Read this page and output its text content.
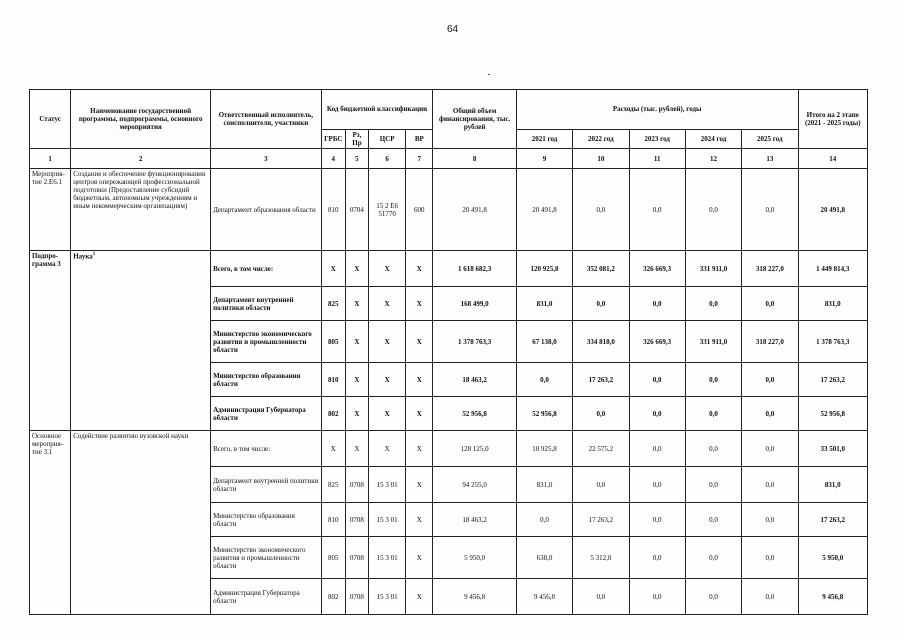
64
Статус	Наименование государственной программы, подпрограммы, основного мероприятия	Ответственный исполнитель, соисполнители, участники	Код бюджетной классификации				Общий объем финансирования, тыс. рублей	Расходы (тыс. рублей), годы					Итого на 2 этапе (2021 - 2025 годы)
			ГРБС	Рз, Пр	ЦСР	ВР		2021 год	2022 год	2023 год	2024 год	2025 год	
1	2	3	4	5	6	7	8	9	10	11	12	13	14
Мероприя-тие 2.Е6.1	Создание и обеспечение функционирования центров опережающей профессиональной подготовки (Предоставление субсидий бюджетным, автономным учреждениям и иным некоммерческим организациям)	Департамент образования области	810	0704	15 2 Е6 51770	600	20 491,8	20 491,8	0,0	0,0	0,0	0,0	20 491,8
Подпро-грамма 3	Наука$^1$	Всего, в том числе:	X	X	X	X	1 618 682,3	120 925,8	352 081,2	326 669,3	331 911,0	318 227,0	1 449 814,3
		Департамент внутренней политики области	825	X	X	X	168 499,0	831,0	0,0	0,0	0,0	0,0	831,0
		Министерство экономического развития и промышленности области	805	X	X	X	1 378 763,3	67 138,0	334 818,0	326 669,3	331 911,0	318 227,0	1 378 763,3
		Министерство образования области	810	X	X	X	18 463,2	0,0	17 263,2	0,0	0,0	0,0	17 263,2
		Администрация Губернатора области	802	X	X	X	52 956,8	52 956,8	0,0	0,0	0,0	0,0	52 956,8
Основное мероприя-тие 3.1	Содействие развитию вузовской науки	Всего, в том числе:	X	X	X	X	128 125,0	10 925,8	22 575,2	0,0	0,0	0,0	33 501,0
		Департамент внутренней политики области	825	0708	15 3 01	X	94 255,0	831,0	0,0	0,0	0,0	0,0	831,0
		Министерство образования области	810	0708	15 3 01	X	18 463,2	0,0	17 263,2	0,0	0,0	0,0	17 263,2
		Министерство экономического развития и промышленности области	805	0708	15 3 01	X	5 950,0	638,0	5 312,0	0,0	0,0	0,0	5 950,0
		Администрация Губернатора области	802	0708	15 3 01	X	9 456,8	9 456,8	0,0	0,0	0,0	0,0	9 456,8
